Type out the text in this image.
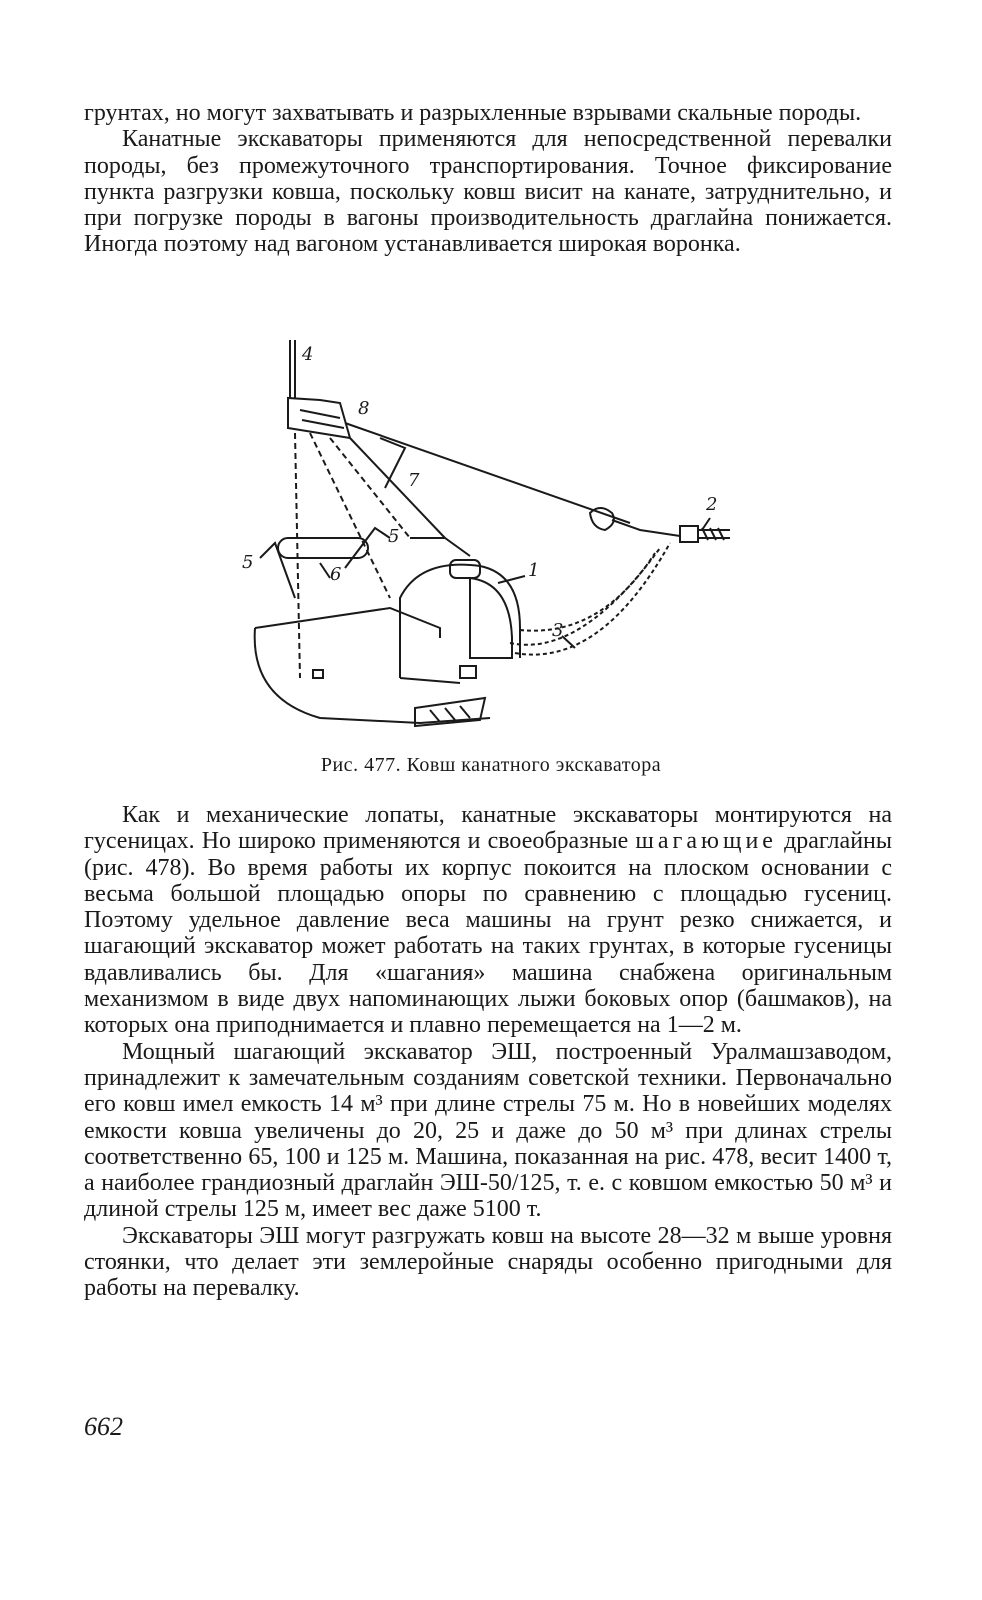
грунтах, но могут захватывать и разрыхленные взрывами скальные породы.

Канатные экскаваторы применяются для непосредственной перевалки породы, без промежуточного транспортирования. Точное фиксирование пункта разгрузки ковша, поскольку ковш висит на канате, затруднительно, и при погрузке породы в вагоны производительность драглайна понижается. Иногда поэтому над вагоном устанавливается широкая воронка.

4
8
7
2
5
5
6	1
3
Рис. 477. Ковш канатного экскаватора

Как и механические лопаты, канатные экскаваторы монтируются на гусеницах. Но широко применяются и своеобразные шагающие драглайны (рис. 478). Во время работы их корпус покоится на плоском основании с весьма большой площадью опоры по сравнению с площадью гусениц. Поэтому удельное давление веса машины на грунт резко снижается, и шагающий экскаватор может работать на таких грунтах, в которые гусеницы вдавливались бы. Для «шагания» машина снабжена оригинальным механизмом в виде двух напоминающих лыжи боковых опор (башмаков), на которых она приподнимается и плавно перемещается на 1—2 м.

Мощный шагающий экскаватор ЭШ, построенный Уралмашзаводом, принадлежит к замечательным созданиям советской техники. Первоначально его ковш имел емкость 14 м³ при длине стрелы 75 м. Но в новейших моделях емкости ковша увеличены до 20, 25 и даже до 50 м³ при длинах стрелы соответственно 65, 100 и 125 м. Машина, показанная на рис. 478, весит 1400 т, а наиболее грандиозный драглайн ЭШ-50/125, т. е. с ковшом емкостью 50 м³ и длиной стрелы 125 м, имеет вес даже 5100 т.

Экскаваторы ЭШ могут разгружать ковш на высоте 28—32 м выше уровня стоянки, что делает эти землеройные снаряды особенно пригодными для работы на перевалку.

662
